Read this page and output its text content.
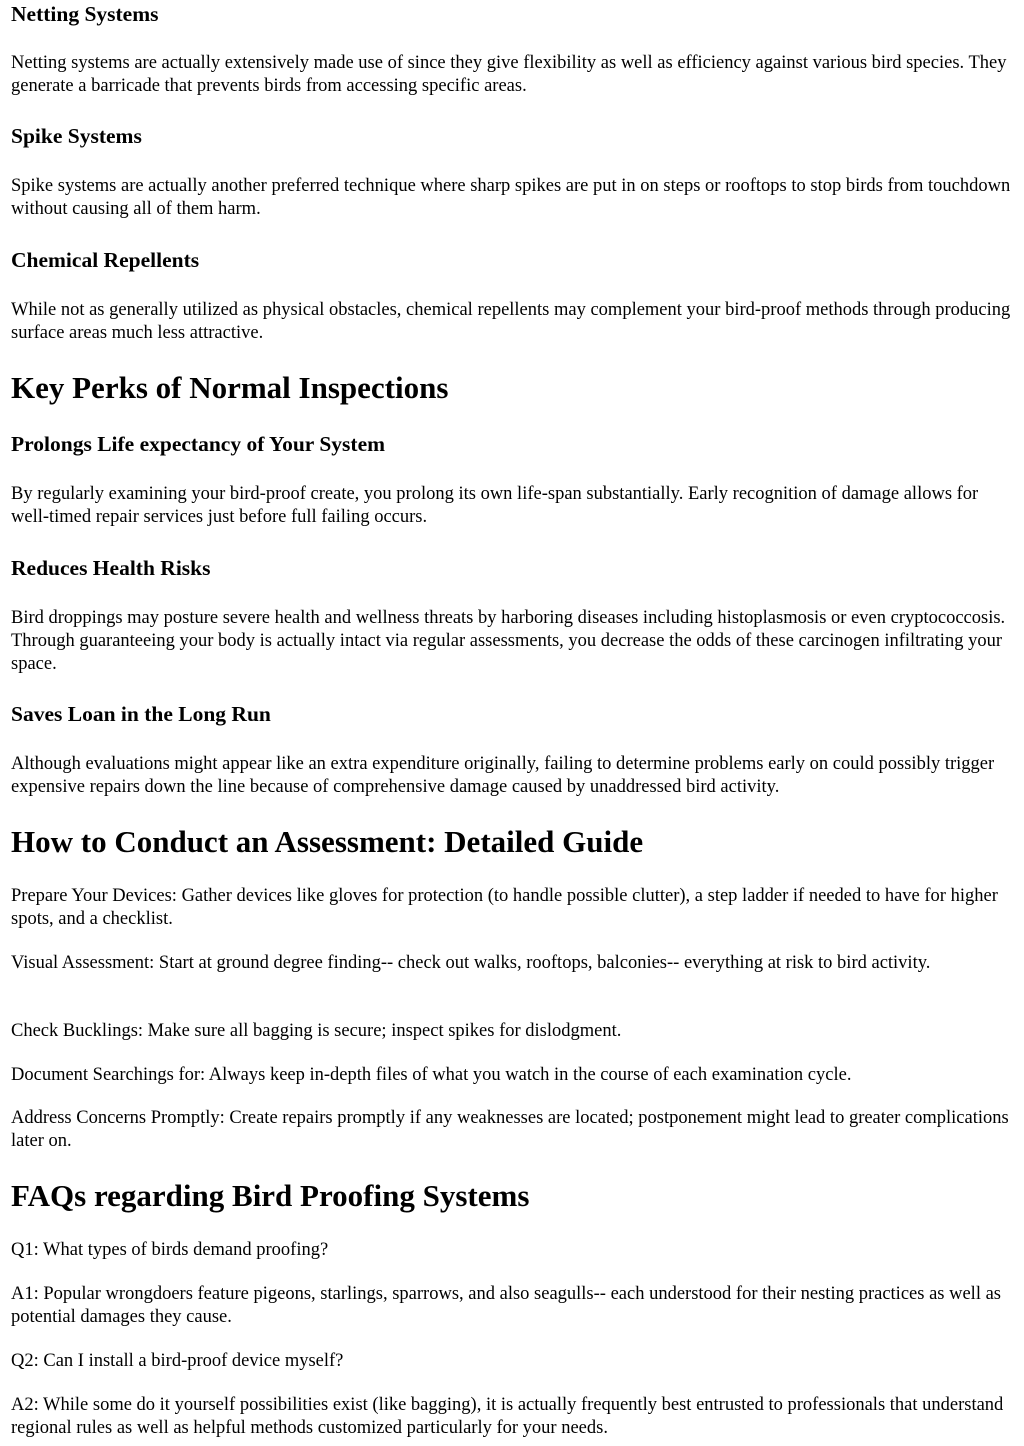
Netting Systems

Netting systems are actually extensively made use of since they give flexibility as well as efficiency against various bird species. They generate a barricade that prevents birds from accessing specific areas.

Spike Systems

Spike systems are actually another preferred technique where sharp spikes are put in on steps or rooftops to stop birds from touchdown without causing all of them harm.

Chemical Repellents

While not as generally utilized as physical obstacles, chemical repellents may complement your bird-proof methods through producing surface areas much less attractive.

Key Perks of Normal Inspections
Prolongs Life expectancy of Your System

By regularly examining your bird-proof create, you prolong its own life-span substantially. Early recognition of damage allows for well-timed repair services just before full failing occurs.

Reduces Health Risks

Bird droppings may posture severe health and wellness threats by harboring diseases including histoplasmosis or even cryptococcosis. Through guaranteeing your body is actually intact via regular assessments, you decrease the odds of these carcinogen infiltrating your space.

Saves Loan in the Long Run

Although evaluations might appear like an extra expenditure originally, failing to determine problems early on could possibly trigger expensive repairs down the line because of comprehensive damage caused by unaddressed bird activity.

How to Conduct an Assessment: Detailed Guide

Prepare Your Devices: Gather devices like gloves for protection (to handle possible clutter), a step ladder if needed to have for higher spots, and a checklist.

Visual Assessment: Start at ground degree finding-- check out walks, rooftops, balconies-- everything at risk to bird activity.

Check Bucklings: Make sure all bagging is secure; inspect spikes for dislodgment.

Document Searchings for: Always keep in-depth files of what you watch in the course of each examination cycle.

Address Concerns Promptly: Create repairs promptly if any weaknesses are located; postponement might lead to greater complications later on.

FAQs regarding Bird Proofing Systems

Q1: What types of birds demand proofing?

A1: Popular wrongdoers feature pigeons, starlings, sparrows, and also seagulls-- each understood for their nesting practices as well as potential damages they cause.

Q2: Can I install a bird-proof device myself?

A2: While some do it yourself possibilities exist (like bagging), it is actually frequently best entrusted to professionals that understand regional rules as well as helpful methods customized particularly for your needs.
